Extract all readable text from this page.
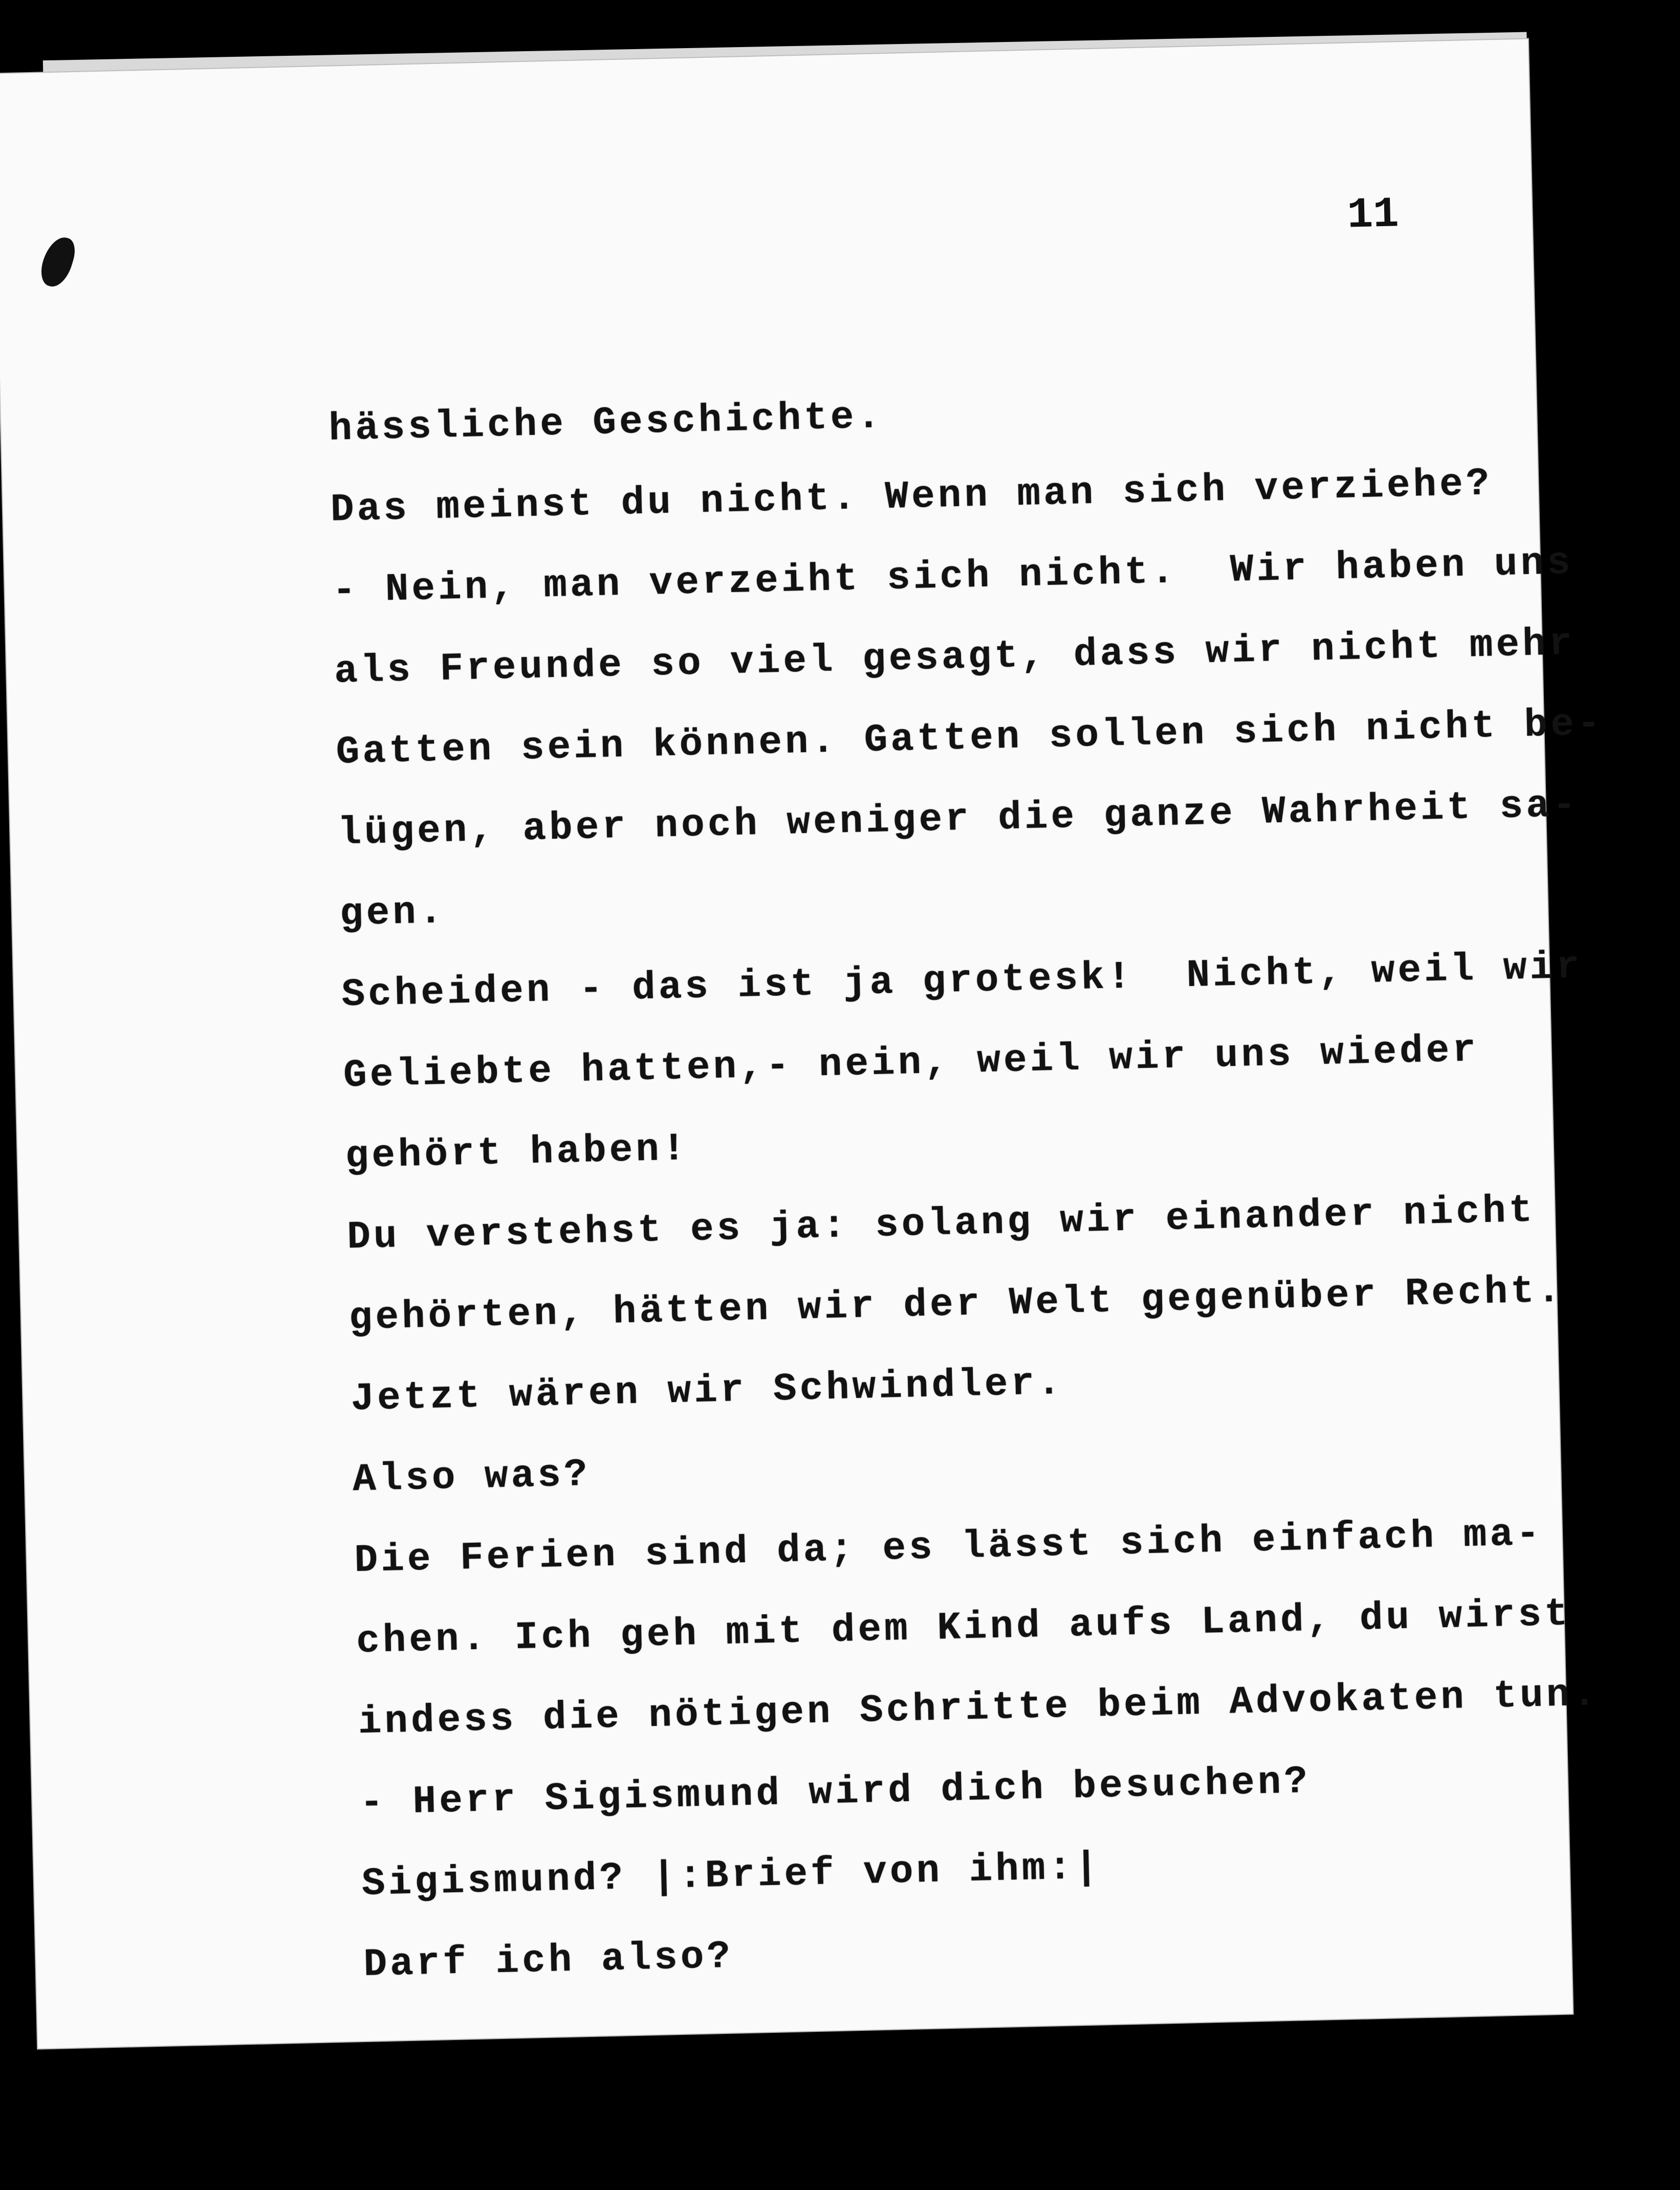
11

hässliche Geschichte.
Das meinst du nicht. Wenn man sich verziehe?
- Nein, man verzeiht sich nicht.  Wir haben uns
als Freunde so viel gesagt, dass wir nicht mehr
Gatten sein können. Gatten sollen sich nicht be-
lügen, aber noch weniger die ganze Wahrheit sa-
gen.
Scheiden - das ist ja grotesk!  Nicht, weil wir
Geliebte hatten,- nein, weil wir uns wieder
gehört haben!
Du verstehst es ja: solang wir einander nicht
gehörten, hätten wir der Welt gegenüber Recht.
Jetzt wären wir Schwindler.
Also was?
Die Ferien sind da; es lässt sich einfach ma-
chen. Ich geh mit dem Kind aufs Land, du wirst
indess die nötigen Schritte beim Advokaten tun.
- Herr Sigismund wird dich besuchen?
Sigismund? |:Brief von ihm:|
Darf ich also?
